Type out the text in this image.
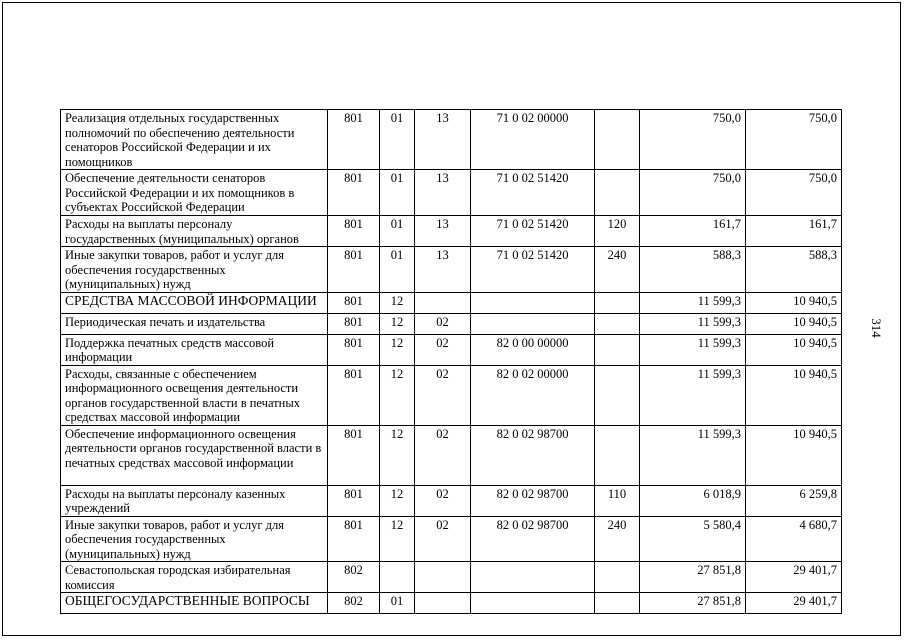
Реализация отдельных государственных полномочий по обеспечению деятельности сенаторов Российской Федерации и их помощников	801	01	13	71 0 02 00000		750,0	750,0
Обеспечение деятельности сенаторов Российской Федерации и их помощников в субъектах Российской Федерации	801	01	13	71 0 02 51420		750,0	750,0
Расходы на выплаты персоналу государственных (муниципальных) органов	801	01	13	71 0 02 51420	120	161,7	161,7
Иные закупки товаров, работ и услуг для обеспечения государственных (муниципальных) нужд	801	01	13	71 0 02 51420	240	588,3	588,3
СРЕДСТВА МАССОВОЙ ИНФОРМАЦИИ	801	12				11 599,3	10 940,5
Периодическая печать и издательства	801	12	02			11 599,3	10 940,5
Поддержка печатных средств массовой информации	801	12	02	82 0 00 00000		11 599,3	10 940,5
Расходы, связанные с обеспечением информационного освещения деятельности органов государственной власти в печатных средствах массовой информации	801	12	02	82 0 02 00000		11 599,3	10 940,5
Обеспечение информационного освещения деятельности органов государственной власти в печатных средствах массовой информации	801	12	02	82 0 02 98700		11 599,3	10 940,5
Расходы на выплаты персоналу казенных учреждений	801	12	02	82 0 02 98700	110	6 018,9	6 259,8
Иные закупки товаров, работ и услуг для обеспечения государственных (муниципальных) нужд	801	12	02	82 0 02 98700	240	5 580,4	4 680,7
Севастопольская городская избирательная комиссия	802					27 851,8	29 401,7
ОБЩЕГОСУДАРСТВЕННЫЕ ВОПРОСЫ	802	01				27 851,8	29 401,7
314
